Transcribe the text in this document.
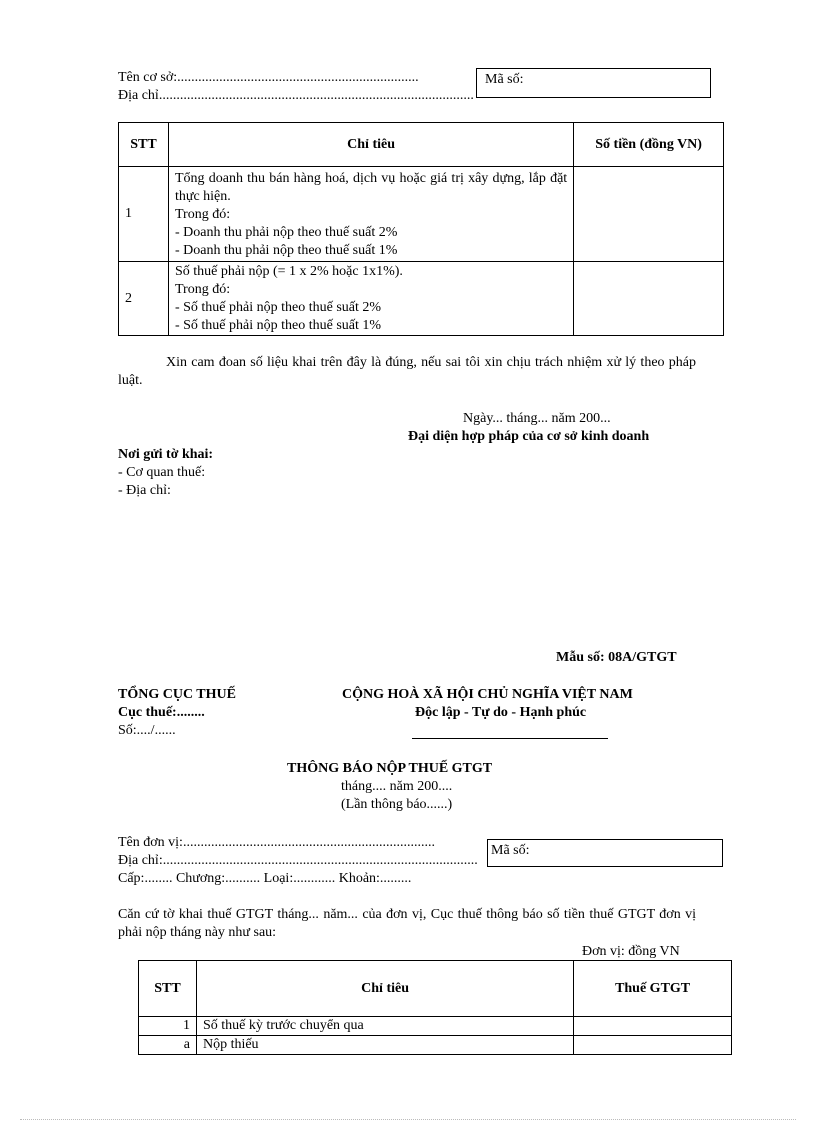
Tên cơ sở:.....................................................................
Địa chỉ..........................................................................................
Mã số:
STT	Chỉ tiêu	Số tiền (đồng VN)
1	Tổng doanh thu bán hàng hoá, dịch vụ hoặc giá trị xây dựng, lắp đặt thực hiện.
Trong đó:
- Doanh thu phải nộp theo thuế suất 2%
- Doanh thu phải nộp theo thuế suất 1%	

2	Số thuế phải nộp (= 1 x 2% hoặc 1x1%).
Trong đó:
- Số thuế phải nộp theo thuế suất 2%
- Số thuế phải nộp theo thuế suất 1%	

Xin cam đoan số liệu khai trên đây là đúng, nếu sai tôi xin chịu trách nhiệm xử lý theo pháp luật.
Ngày... tháng... năm 200...
Đại diện hợp pháp của cơ sở kinh doanh
Nơi gửi tờ khai:
- Cơ quan thuế:
- Địa chỉ:
Mẫu số: 08A/GTGT
TỔNG CỤC THUẾ
Cục thuế:........
Số:..../......
CỘNG HOÀ XÃ HỘI CHỦ NGHĨA VIỆT NAM
Độc lập - Tự do - Hạnh phúc
THÔNG BÁO NỘP THUẾ GTGT
tháng.... năm 200....
(Lần thông báo......)
Tên đơn vị:........................................................................
Địa chỉ:..........................................................................................
Cấp:........ Chương:.......... Loại:............ Khoản:.........
Mã số:
Căn cứ tờ khai thuế GTGT tháng... năm... của đơn vị, Cục thuế thông báo số tiền thuế GTGT đơn vị phải nộp tháng này như sau:
Đơn vị: đồng VN
STT	Chỉ tiêu	Thuế GTGT
1	Số thuế kỳ trước chuyển qua	
a	Nộp thiếu	
